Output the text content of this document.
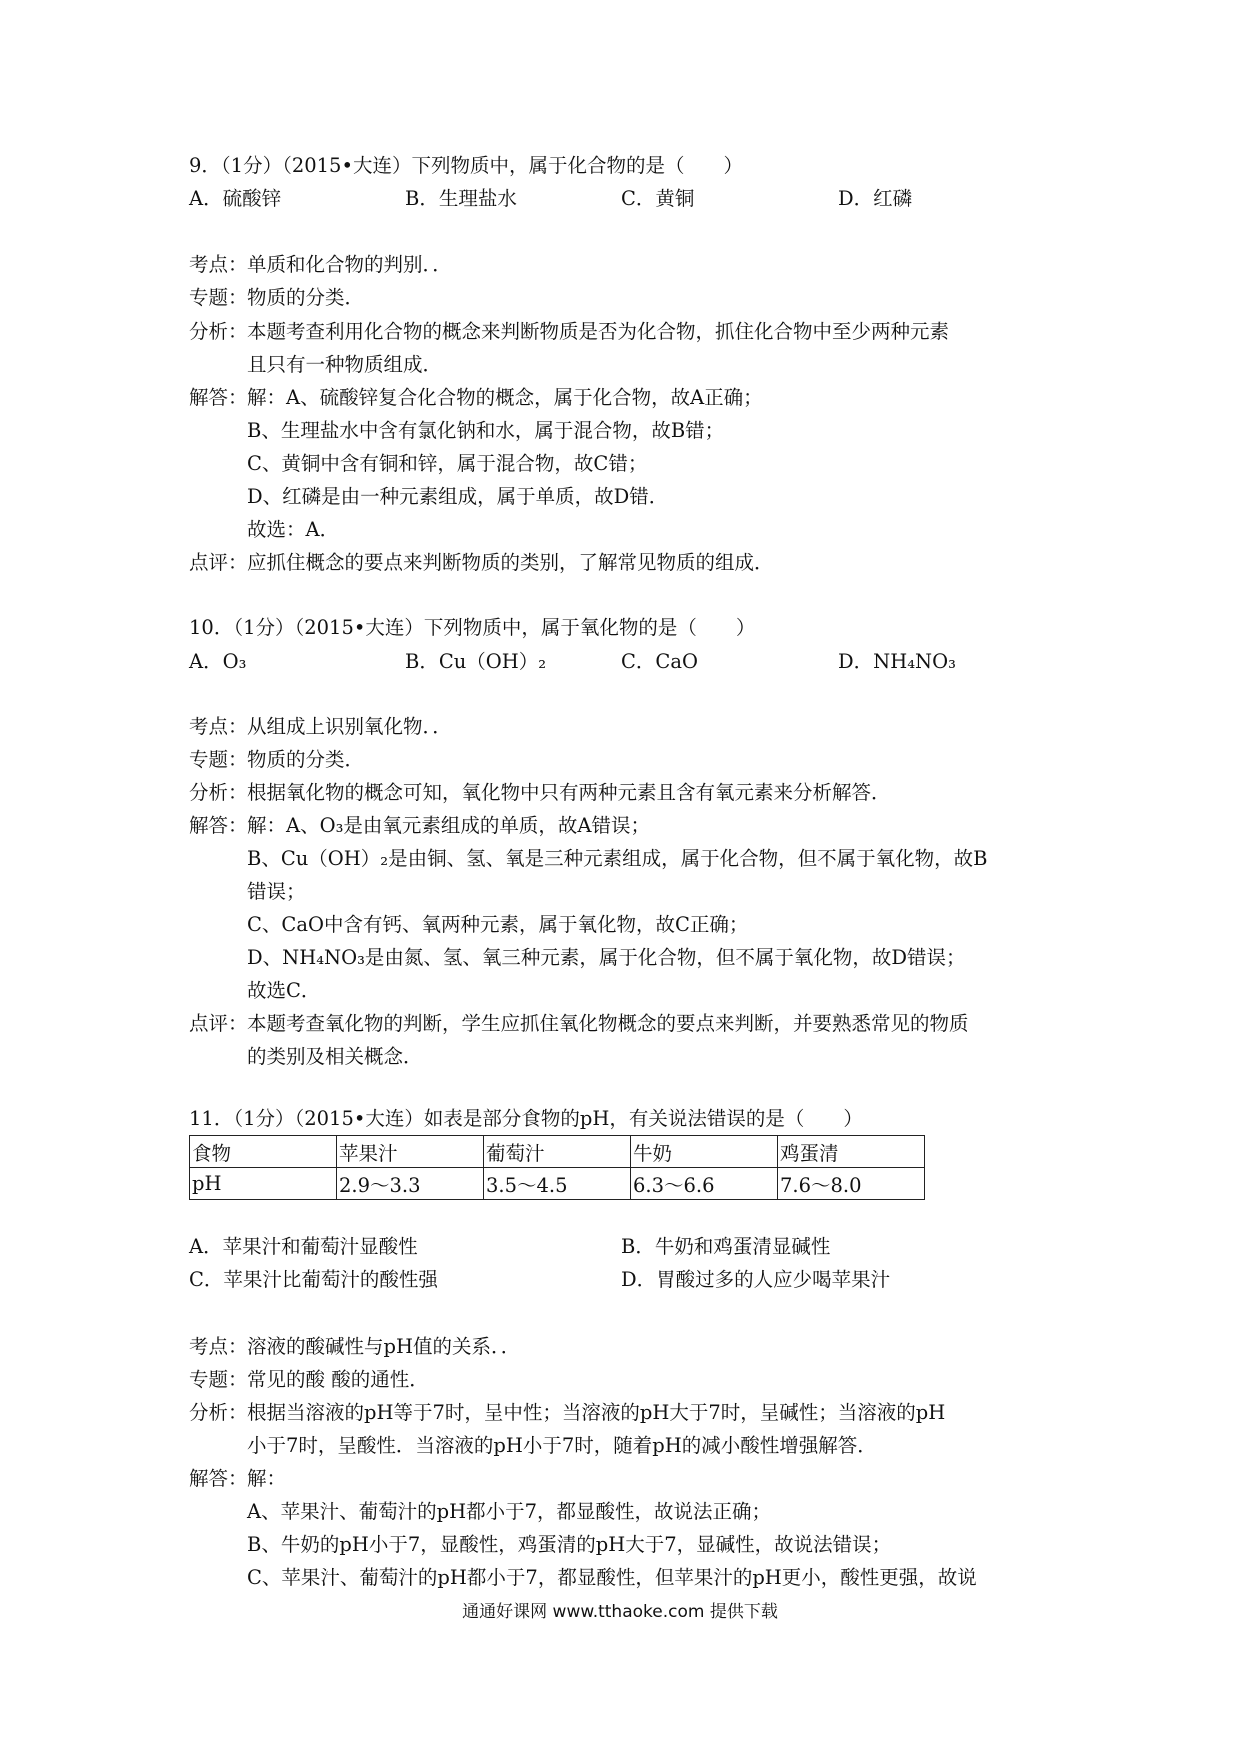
9．（1分）（2015•大连）下列物质中，属于化合物的是（　　）
A．硫酸锌	B．生理盐水	C．黄铜	D．红磷
考点： 单质和化合物的判别．．
专题： 物质的分类．
分析： 本题考查利用化合物的概念来判断物质是否为化合物，抓住化合物中至少两种元素
且只有一种物质组成．
解答： 解：A、硫酸锌复合化合物的概念，属于化合物，故A正确；
B、生理盐水中含有氯化钠和水，属于混合物，故B错；
C、黄铜中含有铜和锌，属于混合物，故C错；
D、红磷是由一种元素组成，属于单质，故D错．
故选：A．
点评： 应抓住概念的要点来判断物质的类别，了解常见物质的组成．
10．（1分）（2015•大连）下列物质中，属于氧化物的是（　　）
A．O₃	B．Cu（OH）₂	C．CaO	D．NH₄NO₃
考点： 从组成上识别氧化物．．
专题： 物质的分类．
分析： 根据氧化物的概念可知，氧化物中只有两种元素且含有氧元素来分析解答．
解答： 解：A、O₃是由氧元素组成的单质，故A错误；
B、Cu（OH）₂是由铜、氢、氧是三种元素组成，属于化合物，但不属于氧化物，故B
错误；
C、CaO中含有钙、氧两种元素，属于氧化物，故C正确；
D、NH₄NO₃是由氮、氢、氧三种元素，属于化合物，但不属于氧化物，故D错误；
故选C．
点评： 本题考查氧化物的判断，学生应抓住氧化物概念的要点来判断，并要熟悉常见的物质
的类别及相关概念．
11．（1分）（2015•大连）如表是部分食物的pH，有关说法错误的是（　　）
食物	苹果汁	葡萄汁	牛奶	鸡蛋清
pH	2.9～3.3	3.5～4.5	6.3～6.6	7.6～8.0
A．苹果汁和葡萄汁显酸性	B．牛奶和鸡蛋清显碱性
C．苹果汁比葡萄汁的酸性强	D．胃酸过多的人应少喝苹果汁
考点： 溶液的酸碱性与pH值的关系．．
专题： 常见的酸 酸的通性．
分析： 根据当溶液的pH等于7时，呈中性；当溶液的pH大于7时，呈碱性；当溶液的pH
小于7时，呈酸性．当溶液的pH小于7时，随着pH的减小酸性增强解答．
解答： 解：
A、苹果汁、葡萄汁的pH都小于7，都显酸性，故说法正确；
B、牛奶的pH小于7，显酸性，鸡蛋清的pH大于7，显碱性，故说法错误；
C、苹果汁、葡萄汁的pH都小于7，都显酸性，但苹果汁的pH更小，酸性更强，故说
通通好课网 www.tthaoke.com 提供下载
